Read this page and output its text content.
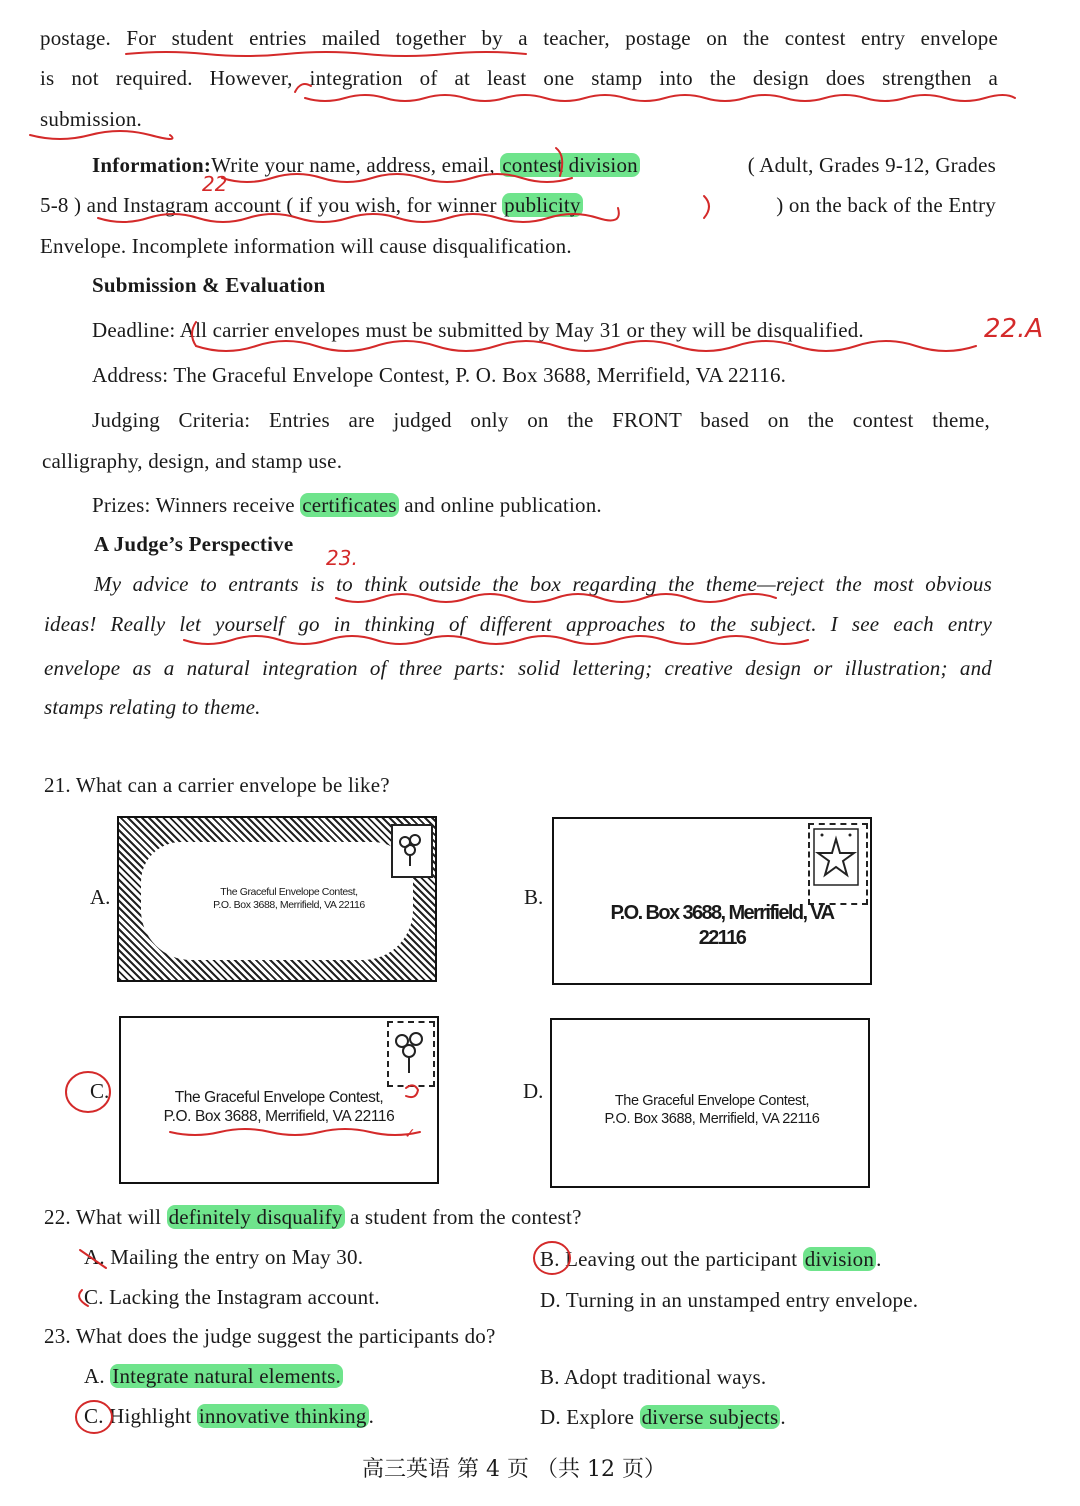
postage. For student entries mailed together by a teacher, postage on the contest entry envelope
is not required. However, integration of at least one stamp into the design does strengthen a
submission.
Information:Write your name, address, email, contest division	( Adult, Grades 9-12, Grades
5-8 ) and Instagram account ( if you wish, for winner publicity	) on the back of the Entry
Envelope. Incomplete information will cause disqualification.
Submission & Evaluation
Deadline: All carrier envelopes must be submitted by May 31 or they will be disqualified.
Address: The Graceful Envelope Contest, P. O. Box 3688, Merrifield, VA 22116.
Judging Criteria: Entries are judged only on the FRONT based on the contest theme,
calligraphy, design, and stamp use.
Prizes: Winners receive certificates and online publication.
A Judge’s Perspective
My advice to entrants is to think outside the box regarding the theme—reject the most obvious
ideas! Really let yourself go in thinking of different approaches to the subject. I see each entry
envelope as a natural integration of three parts: solid lettering; creative design or illustration; and
stamps relating to theme.
21. What can a carrier envelope be like?
A.	The Graceful Envelope Contest,
P.O. Box 3688, Merrifield, VA 22116	B.
P.O. Box 3688, Merrifield, VA 22116
C.	The Graceful Envelope Contest,
P.O. Box 3688, Merrifield, VA 22116
D.	The Graceful Envelope Contest,
P.O. Box 3688, Merrifield, VA 22116
22. What will definitely disqualify a student from the contest?
A. Mailing the entry on May 30.	B. Leaving out the participant division.
C. Lacking the Instagram account.	D. Turning in an unstamped entry envelope.
23. What does the judge suggest the participants do?
A. Integrate natural elements.	B. Adopt traditional ways.
C. Highlight innovative thinking.	D. Explore diverse subjects.
高三英语 第 4 页 （共 12 页）
22
22.A
23.
✓
